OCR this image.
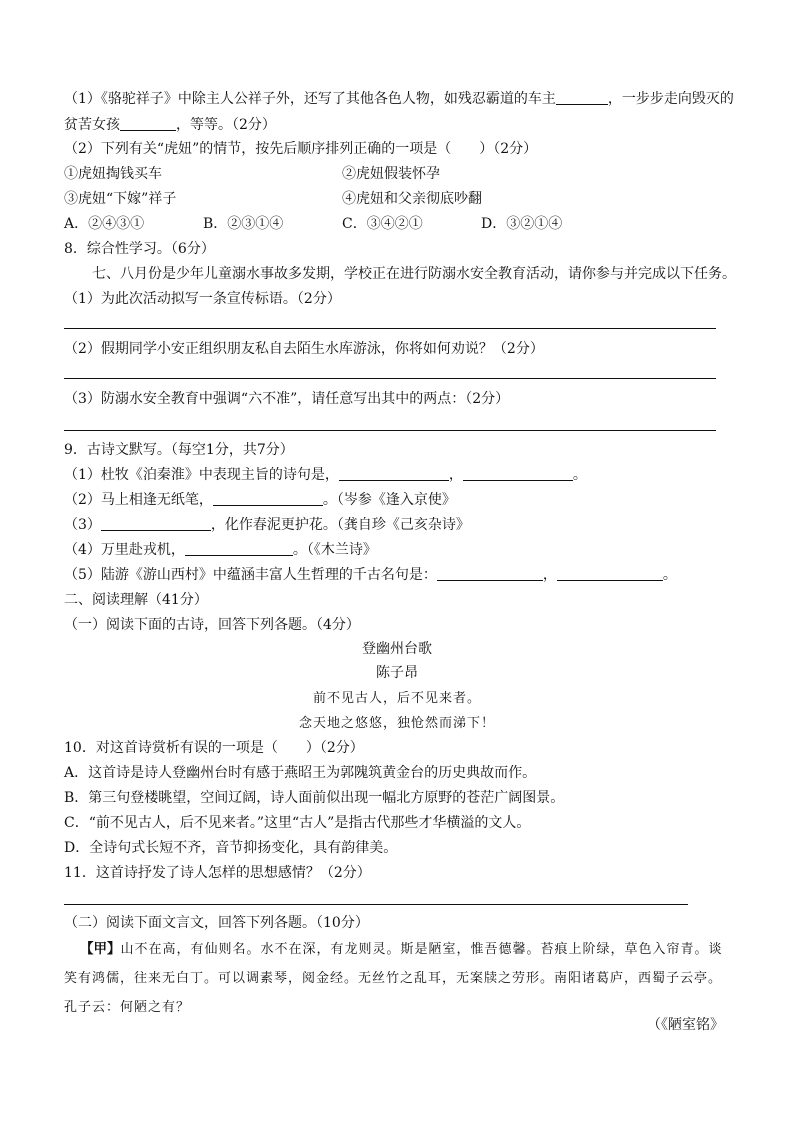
（1）《骆驼祥子》中除主人公祥子外，还写了其他各色人物，如残忍霸道的车主	，一步步走向毁灭的
贫苦女孩	，等等。（2分）
（2）下列有关“虎妞”的情节，按先后顺序排列正确的一项是（　　）（2分）
①虎妞掏钱买车	②虎妞假装怀孕
③虎妞“下嫁”祥子	④虎妞和父亲彻底吵翻
A．②④③①	B．②③①④	C．③④②①	D．③②①④
8．综合性学习。（6分）
七、八月份是少年儿童溺水事故多发期，学校正在进行防溺水安全教育活动，请你参与并完成以下任务。
（1）为此次活动拟写一条宣传标语。（2分）
（2）假期同学小安正组织朋友私自去陌生水库游泳，你将如何劝说？（2分）
（3）防溺水安全教育中强调“六不准”，请任意写出其中的两点：（2分）
9．古诗文默写。（每空1分，共7分）
（1）杜牧《泊秦淮》中表现主旨的诗句是，	，	。
（2）马上相逢无纸笔，	。（岑参《逢入京使》
（3）	，化作春泥更护花。（龚自珍《己亥杂诗》
（4）万里赴戎机，	。（《木兰诗》
（5）陆游《游山西村》中蕴涵丰富人生哲理的千古名句是：	，	。
二、阅读理解（41分）
（一）阅读下面的古诗，回答下列各题。（4分）
登幽州台歌
陈子昂
前不见古人，后不见来者。
念天地之悠悠，独怆然而涕下！
10．对这首诗赏析有误的一项是（　　）（2分）
A．这首诗是诗人登幽州台时有感于燕昭王为郭隗筑黄金台的历史典故而作。
B．第三句登楼眺望，空间辽阔，诗人面前似出现一幅北方原野的苍茫广阔图景。
C．“前不见古人，后不见来者。”这里“古人”是指古代那些才华横溢的文人。
D．全诗句式长短不齐，音节抑扬变化，具有韵律美。
11．这首诗抒发了诗人怎样的思想感情？（2分）
（二）阅读下面文言文，回答下列各题。（10分）
【甲】山不在高，有仙则名。水不在深，有龙则灵。斯是陋室，惟吾德馨。苔痕上阶绿，草色入帘青。谈笑有鸿儒，往来无白丁。可以调素琴，阅金经。无丝竹之乱耳，无案牍之劳形。南阳诸葛庐，西蜀子云亭。孔子云：何陋之有？
（《陋室铭》
